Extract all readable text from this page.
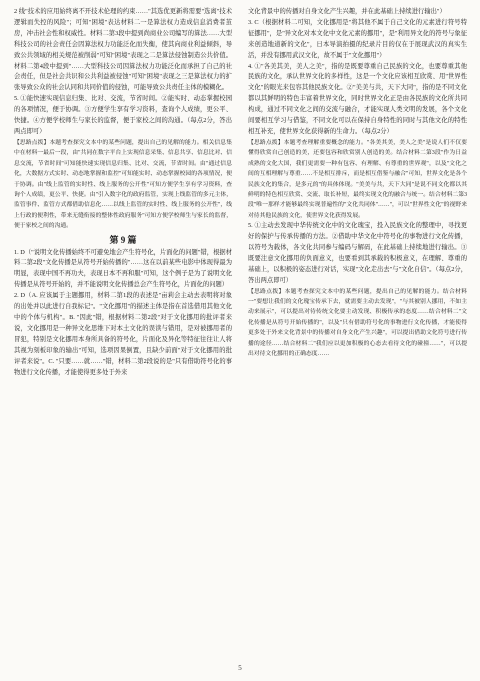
2 线"技术的应用始终离不开技术伦理的约束……"其选优更新将需要"选离"技术逻辑而失控的风险"；可知"困境"表达材料二一是算法权力造成信息消费者茧房，冲击社会性和权威性。材料二第3段中提到尚商业公司编写的算法……大型科技公司的社会责任会因算法权力功能泛化而失衡，使其向商业利益倾斜，导致公共领域的相关规范被削弱"可知"困境"表现之二是算法侵蚀制造公共价值。材料二第4段中提到"……大型科技公司因算法权力功能泛化而承担了自己的社会责任，但是社会共识和公共利益被侵蚀"可知"困境"表现之三是算法权力的扩张导致公众的社会认同和共同价值的侵蚀，可能导致公共责任主体的模糊化。

5. ①能快速实现信息归集、比对、交流，节省时间。②能实时、动态掌握校园的各项情况，便于协调。③方便学生享有学习资料，查询个人成绩，更公平、快捷。④方便学校师生与家长的监督，便于家校之间的沟通。（每点2分，答出两点即可）

【思路点拨】本题考查探究文本中的某些问题，提出自己的见解的能力。相关信息集中在材料一最后一段，由"共同在数字平台上实现信息采集、信息共享、信息比对、信息交流，节省时间"可知能快速实现信息归集、比对、交流，节省时间。由"通过信息化，大数据方式实时、动态地掌握和监控"可知能实时、动态掌握校园的各项情况，便于协调。由"线上监管的实时性、线上服务的公开性"可知方便学生享有学习资料，查询个人成绩，更公平、快捷。由"引入数字化的政府监管，实现上线监管的多元主体，监管事件、监管方式都借助信息化……以线上监管的实时性、线上服务的公开性"，线上行政的便利性，带来无缝衔接的整体性政府服务"可知方便学校师生与家长的监督，便于家校之间的沟通。

第 9 篇

1. D（"说明文化传播始终不可避免地会产生符号化，片面化的问题"错，根据材料二第2段"文化传播是从符号开始传播的"……这在以前某些电影中体现得最为明显，表现中国不再功夫，表现日本不再和服"可知，这个例子是为了说明文化传播是从符号开始的，并不能说明文化传播总会产生符号化，片面化的问题）

2. D（A. 应该属于主题挪用，材料二第1段的表述是"亩莉会主动去表明将对象的出处并以此进行自我标记"。"文化挪用"的描述主体是指在首选借用其他文化中的个体与机构"。B. "因此"错，根据材料二第2段"对于文化挪用的批评者来说，文化挪用是一种异文化思维下对本土文化的误读与错用，是对被挪用者的冒犯，特别是文化挪用本身所具备的符号化，片面化及异化等特征往往让人将其视为刻板印象的输出"可知，选项因果倒置，且缺少前面"对于文化挪用的批评者来说"。C. "只要……就……"错，材料二第2段说的是"只有借助符号化的事物进行文化传播，才能使得更多处于外来

文化背景中的传播对自身文化产生兴趣，并在此基础上持续进行输出"）

3. C（根据材料二可知，文化挪用是"将其他不属于自己文化的元素进行符号特征挪用"，是"异文化对本文化中文化元素的挪用"，是"利用异文化的符号与象征来创造地道新的文化"，日本导演拍摄的纪录片目的仅在于展现武汉的真实生活，并没有挪用武汉文化，故不属于"文化挪用"）

4. ①"各美其美，美人之美"，指的是既要尊重自己民族的文化，也要尊重其他民族的文化，承认世界文化的多样性，这是一个文化应该相互欣赏、用"世界性文化"的眼光来包容其他民族文化。②"美美与共，天下大同"，指的是不同文化都以其鲜明的特色丰富着世界文化，同时世界文化正是由各民族的文化所共同构成，通过不同文化之间的交流与融合，才能实现人类文明的发展，各个文化间要相互学习与借鉴，不同文化可以在保持自身特性的同时与其他文化的特性相互补充，使世界文化获得新的生命力。（每点2分）

【思路点拨】本题考查理解重要概念的能力。"各美其美，美人之美"是说人们不仅要懂得欣赏自己创造的美，还要包容和欣赏别人创造的美。结合材料二第3段"作为日益成熟的文化大国，我们更需要一种有包容、有理解、有尊重的世界观"，以及"文化之间的互相理解与尊重……不是相互排斥，而是相互借鉴与融合"可知，世界文化是各个民族文化的集合，是多元的"的具体体现。"美美与共，天下大同"是说不同文化都以其鲜明的特色相互欣赏、交流、取长补短，最终实现文化的融合与统一。结合材料二第3段"唯一那样才能够最终实现普遍性的"文化共同体"……"，可以"世界性文化"的视野来对待其他民族的文化，使世界文化获得发展。

5. ①主动去发现中华传统文化中的文化瑰宝，投入民族文化的整理中，寻找更好的保护与传承传播的方法。②借助中华文化中符号化的事物进行文化传播，以符号为载体，各文化共同参与编码与解码，在此基础上持续地进行输出。③既要注意文化挪用的负面意义，也要看到其承载的积极意义，在理解、尊重的基础上，以积极的姿态进行对话，实现"文化走出去"与"文化自信"。（每点2分，答出两点即可）

【思路点拨】本题考查探究文本中的某些问题，提出自己的见解的能力。结合材料一"要想让我们的文化瑰宝传承下去，就需要主动去发现"，"与其被别人挪用，不如主动来展示"，可以提出对待传统文化要主动发现、积极传承的态度……结合材料二"文化传播是从符号开始传播的"，以及"只有借助符号化的事物进行文化传播，才能使得更多处于外来文化背景中的传播对自身文化产生兴趣"，可以提出借助文化符号进行传播的途径……结合材料二"我们应以更加积极的心态去看待文化的碰撞……"，可以提出对待文化挪用的正确态度……

5
